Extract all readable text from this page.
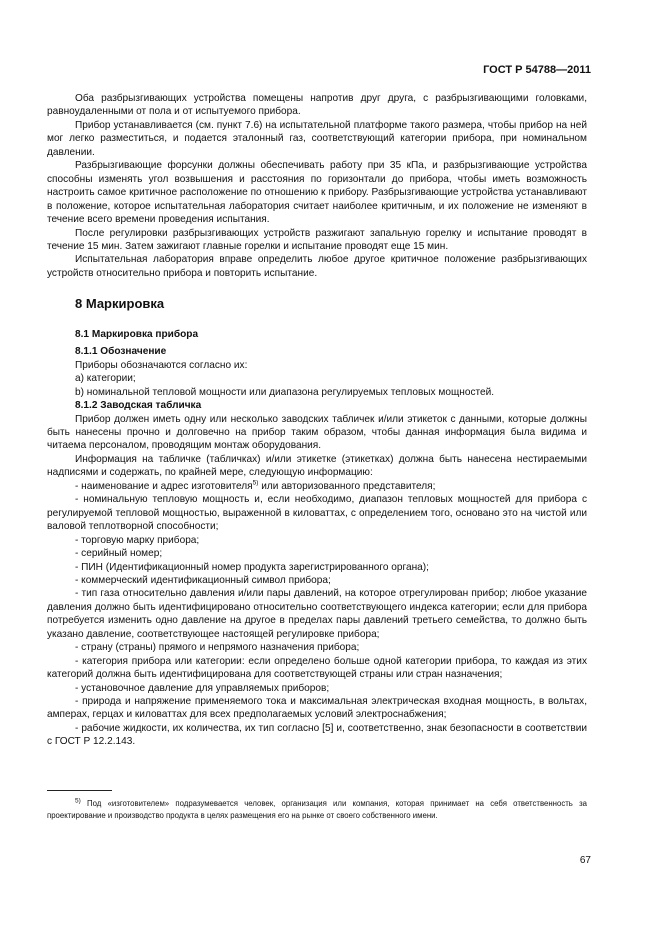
ГОСТ Р 54788—2011

Оба разбрызгивающих устройства помещены напротив друг друга, с разбрызгивающими головками, равноудаленными от пола и от испытуемого прибора.

Прибор устанавливается (см. пункт 7.6) на испытательной платформе такого размера, чтобы прибор на ней мог легко разместиться, и подается эталонный газ, соответствующий категории прибора, при номинальном давлении.

Разбрызгивающие форсунки должны обеспечивать работу при 35 кПа, и разбрызгивающие устройства способны изменять угол возвышения и расстояния по горизонтали до прибора, чтобы иметь возможность настроить самое критичное расположение по отношению к прибору. Разбрызгивающие устройства устанавливают в положение, которое испытательная лаборатория считает наиболее критичным, и их положение не изменяют в течение всего времени проведения испытания.

После регулировки разбрызгивающих устройств разжигают запальную горелку и испытание проводят в течение 15 мин. Затем зажигают главные горелки и испытание проводят еще 15 мин.

Испытательная лаборатория вправе определить любое другое критичное положение разбрызгивающих устройств относительно прибора и повторить испытание.

8 Маркировка

8.1 Маркировка прибора

8.1.1 Обозначение

Приборы обозначаются согласно их:

а) категории;

b) номинальной тепловой мощности или диапазона регулируемых тепловых мощностей.

8.1.2 Заводская табличка

Прибор должен иметь одну или несколько заводских табличек и/или этикеток с данными, которые должны быть нанесены прочно и долговечно на прибор таким образом, чтобы данная информация была видима и читаема персоналом, проводящим монтаж оборудования.

Информация на табличке (табличках) и/или этикетке (этикетках) должна быть нанесена нестираемыми надписями и содержать, по крайней мере, следующую информацию:

- наименование и адрес изготовителя$^{5)}$ или авторизованного представителя;

- номинальную тепловую мощность и, если необходимо, диапазон тепловых мощностей для прибора с регулируемой тепловой мощностью, выраженной в киловаттах, с определением того, основано это на чистой или валовой теплотворной способности;

- торговую марку прибора;

- серийный номер;

- ПИН (Идентификационный номер продукта зарегистрированного органа);

- коммерческий идентификационный символ прибора;

- тип газа относительно давления и/или пары давлений, на которое отрегулирован прибор; любое указание давления должно быть идентифицировано относительно соответствующего индекса категории; если для прибора потребуется изменить одно давление на другое в пределах пары давлений третьего семейства, то должно быть указано давление, соответствующее настоящей регулировке прибора;

- страну (страны) прямого и непрямого назначения прибора;

- категория прибора или категории: если определено больше одной категории прибора, то каждая из этих категорий должна быть идентифицирована для соответствующей страны или стран назначения;

- установочное давление для управляемых приборов;

- природа и напряжение применяемого тока и максимальная электрическая входная мощность, в вольтах, амперах, герцах и киловаттах для всех предполагаемых условий электроснабжения;

- рабочие жидкости, их количества, их тип согласно [5] и, соответственно, знак безопасности в соответствии с ГОСТ Р 12.2.143.

$^{5)}$ Под «изготовителем» подразумевается человек, организация или компания, которая принимает на себя ответственность за проектирование и производство продукта в целях размещения его на рынке от своего собственного имени.

67
